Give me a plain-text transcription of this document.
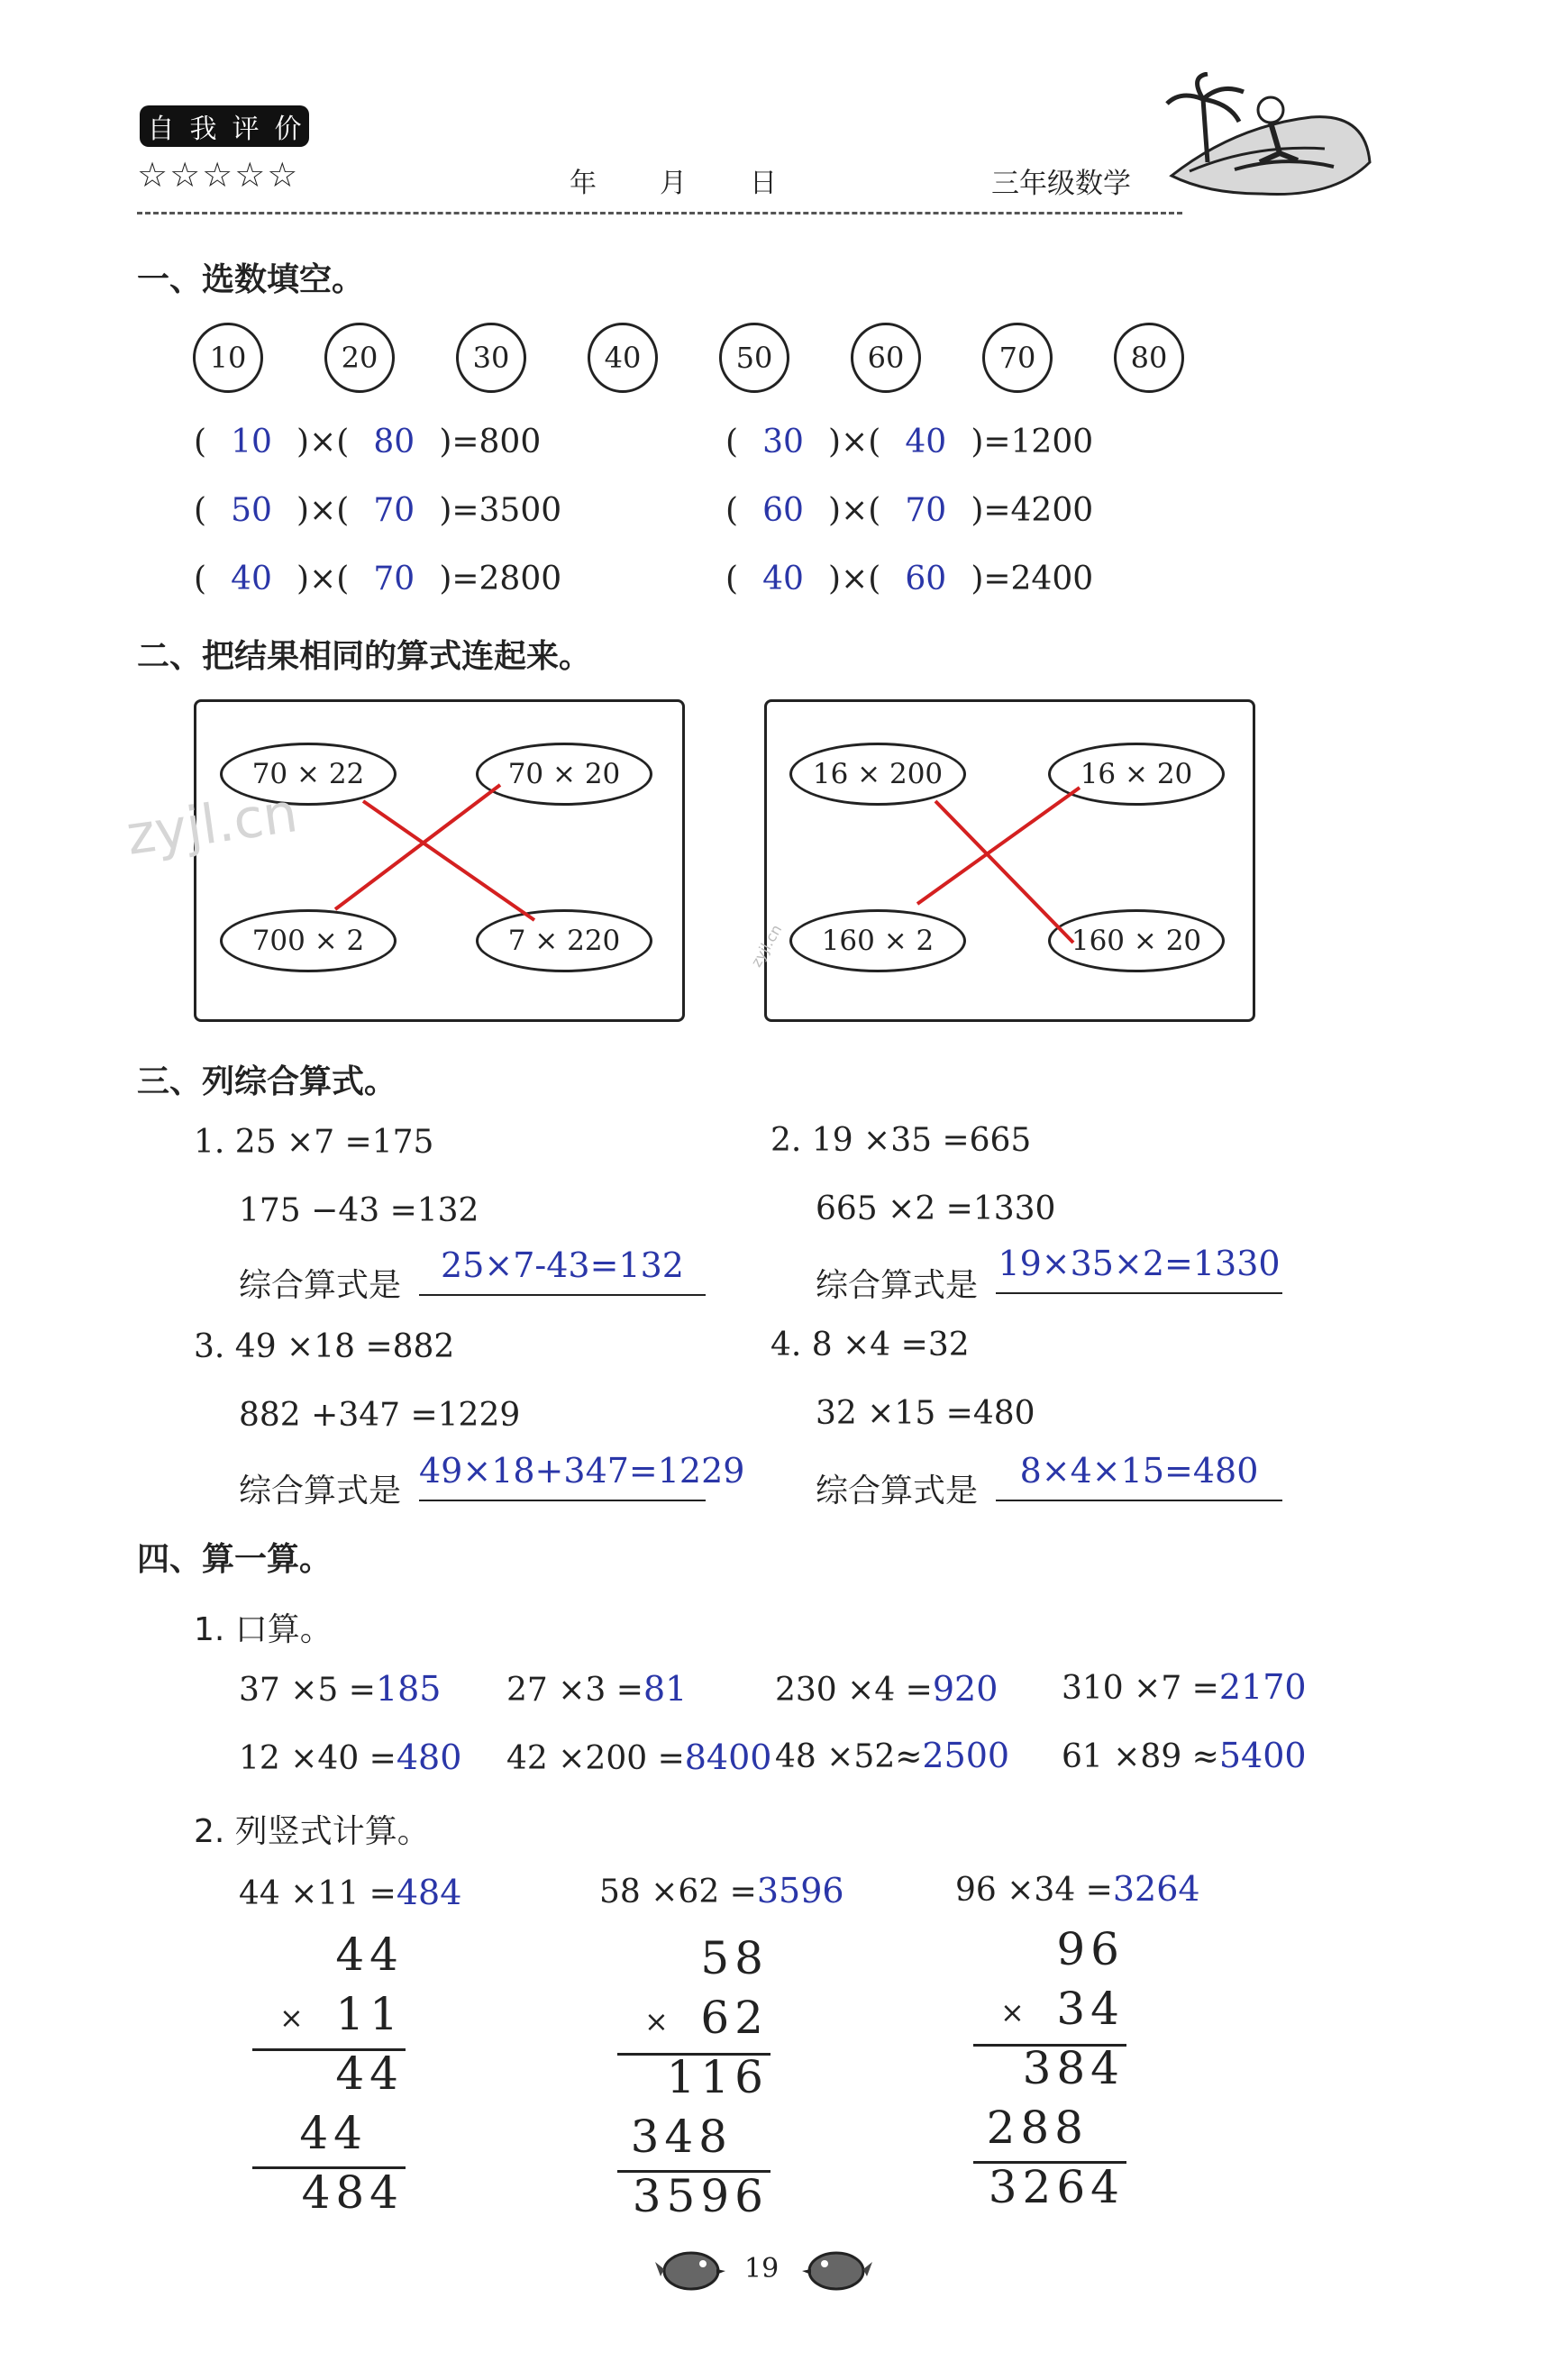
自 我 评 价
☆☆☆☆☆	年 月 日	三年级数学
一、选数填空。
10	20	30	40	50	60	70	80
( 10 )×( 80 )=800	( 30 )×( 40 )=1200
( 50 )×( 70 )=3500	( 60 )×( 70 )=4200
( 40 )×( 70 )=2800	( 40 )×( 60 )=2400
二、把结果相同的算式连起来。
70 × 22	70 × 20
700 × 2	7 × 220
16 × 200	16 × 20
160 × 2	160 × 20
zyjl.cn
zyjl.cn
三、列综合算式。
1. 25 ×7 =175
175 −43 =132
综合算式是
25×7-43=132
2. 19 ×35 =665
665 ×2 =1330
综合算式是
19×35×2=1330
3. 49 ×18 =882
882 +347 =1229
综合算式是
49×18+347=1229
4. 8 ×4 =32
32 ×15 =480
综合算式是
8×4×15=480
四、算一算。
1. 口算。
37 ×5 =185 27 ×3 =81	230 ×4 =920 310 ×7 =2170
12 ×40 =480 42 ×200 =8400 48 ×52≈2500 61 ×89 ≈5400
2. 列竖式计算。
44 ×11 =484
44
11
×
44
44
484
58 ×62 =3596
58
62
×
116
348
3596
96 ×34 =3264
96
34
×
384
288
3264
19
